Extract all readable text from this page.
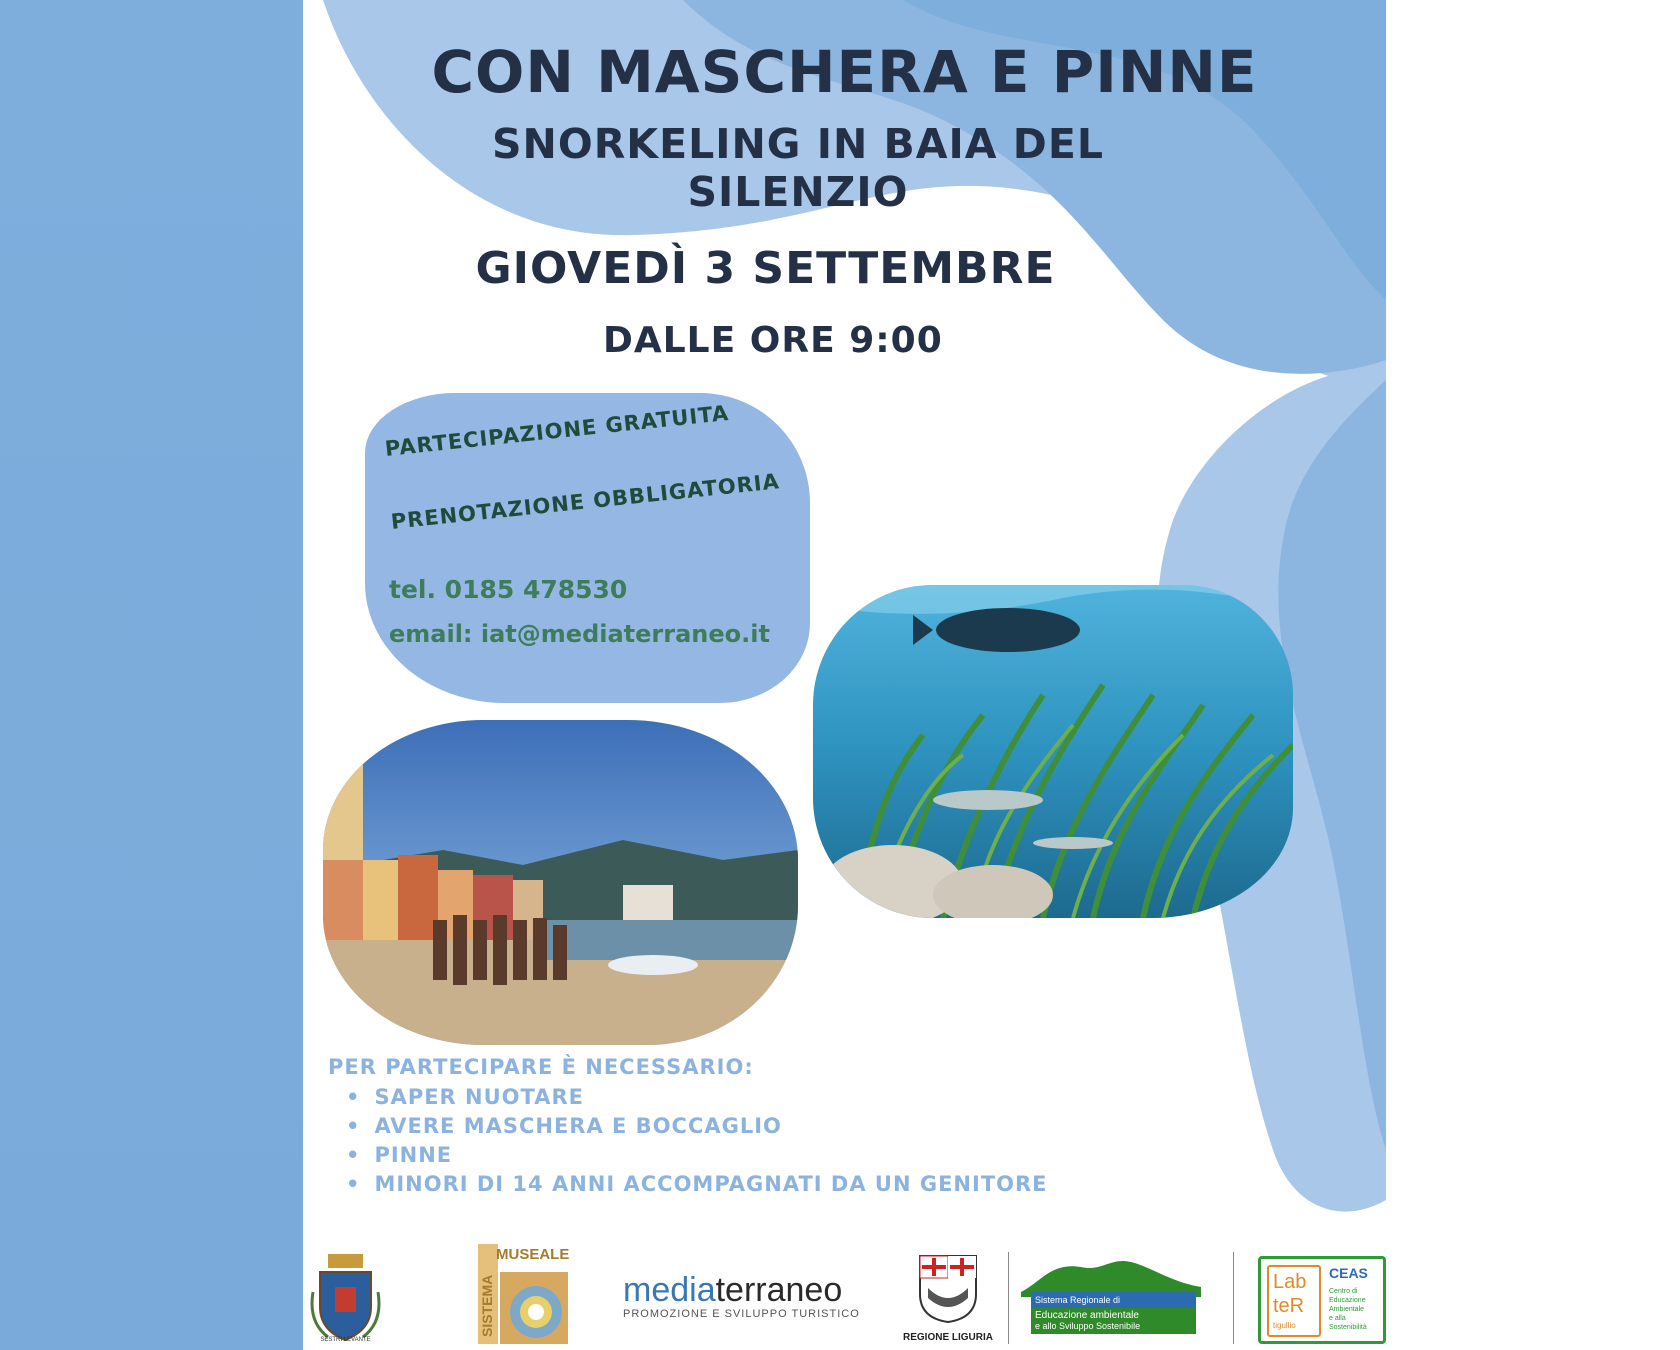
CON MASCHERA E PINNE
SNORKELING IN BAIA DEL SILENZIO
GIOVEDÌ 3 SETTEMBRE
DALLE ORE 9:00
PARTECIPAZIONE GRATUITA
PRENOTAZIONE OBBLIGATORIA
tel. 0185 478530
email: iat@mediaterraneo.it
PER PARTECIPARE È NECESSARIO:
• SAPER NUOTARE
• AVERE MASCHERA E BOCCAGLIO
• PINNE
• MINORI DI 14 ANNI ACCOMPAGNATI DA UN GENITORE
SESTRI LEVANTE
SISTEMA
MUSEALE
mediaterraneo
PROMOZIONE E SVILUPPO TURISTICO
REGIONE LIGURIA
Sistema Regionale di
Educazione ambientale
e allo Sviluppo Sostenibile
Lab
teR
tigullio
CEAS
Centro di
Educazione
Ambientale
e alla
Sostenibilità
